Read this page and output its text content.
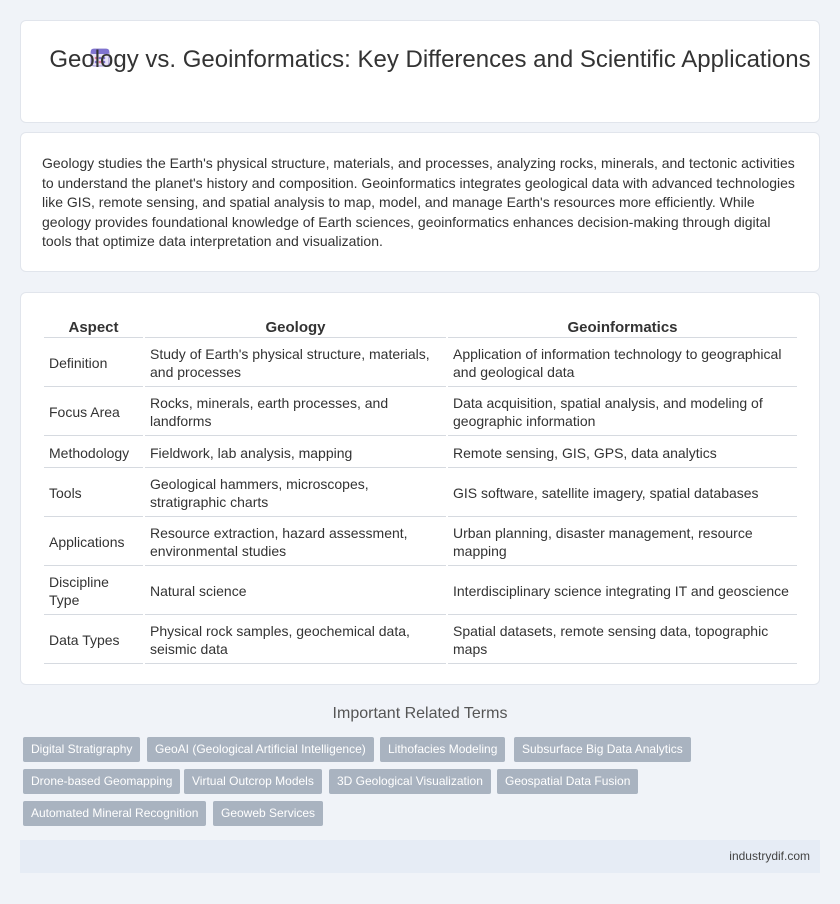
Geology vs. Geoinformatics: Key Differences and Scientific Applications

Geology studies the Earth's physical structure, materials, and processes, analyzing rocks, minerals, and tectonic activities to understand the planet's history and composition. Geoinformatics integrates geological data with advanced technologies like GIS, remote sensing, and spatial analysis to map, model, and manage Earth's resources more efficiently. While geology provides foundational knowledge of Earth sciences, geoinformatics enhances decision-making through digital tools that optimize data interpretation and visualization.

Aspect	Geology	Geoinformatics
Definition	Study of Earth's physical structure, materials, and processes	Application of information technology to geographical and geological data
Focus Area	Rocks, minerals, earth processes, and landforms	Data acquisition, spatial analysis, and modeling of geographic information
Methodology	Fieldwork, lab analysis, mapping	Remote sensing, GIS, GPS, data analytics
Tools	Geological hammers, microscopes, stratigraphic charts	GIS software, satellite imagery, spatial databases
Applications	Resource extraction, hazard assessment, environmental studies	Urban planning, disaster management, resource mapping
Discipline Type	Natural science	Interdisciplinary science integrating IT and geoscience
Data Types	Physical rock samples, geochemical data, seismic data	Spatial datasets, remote sensing data, topographic maps
Important Related Terms
Digital Stratigraphy	GeoAI (Geological Artificial Intelligence)	Lithofacies Modeling	Subsurface Big Data Analytics
Drone-based Geomapping	Virtual Outcrop Models	3D Geological Visualization	Geospatial Data Fusion
Automated Mineral Recognition	Geoweb Services
industrydif.com
